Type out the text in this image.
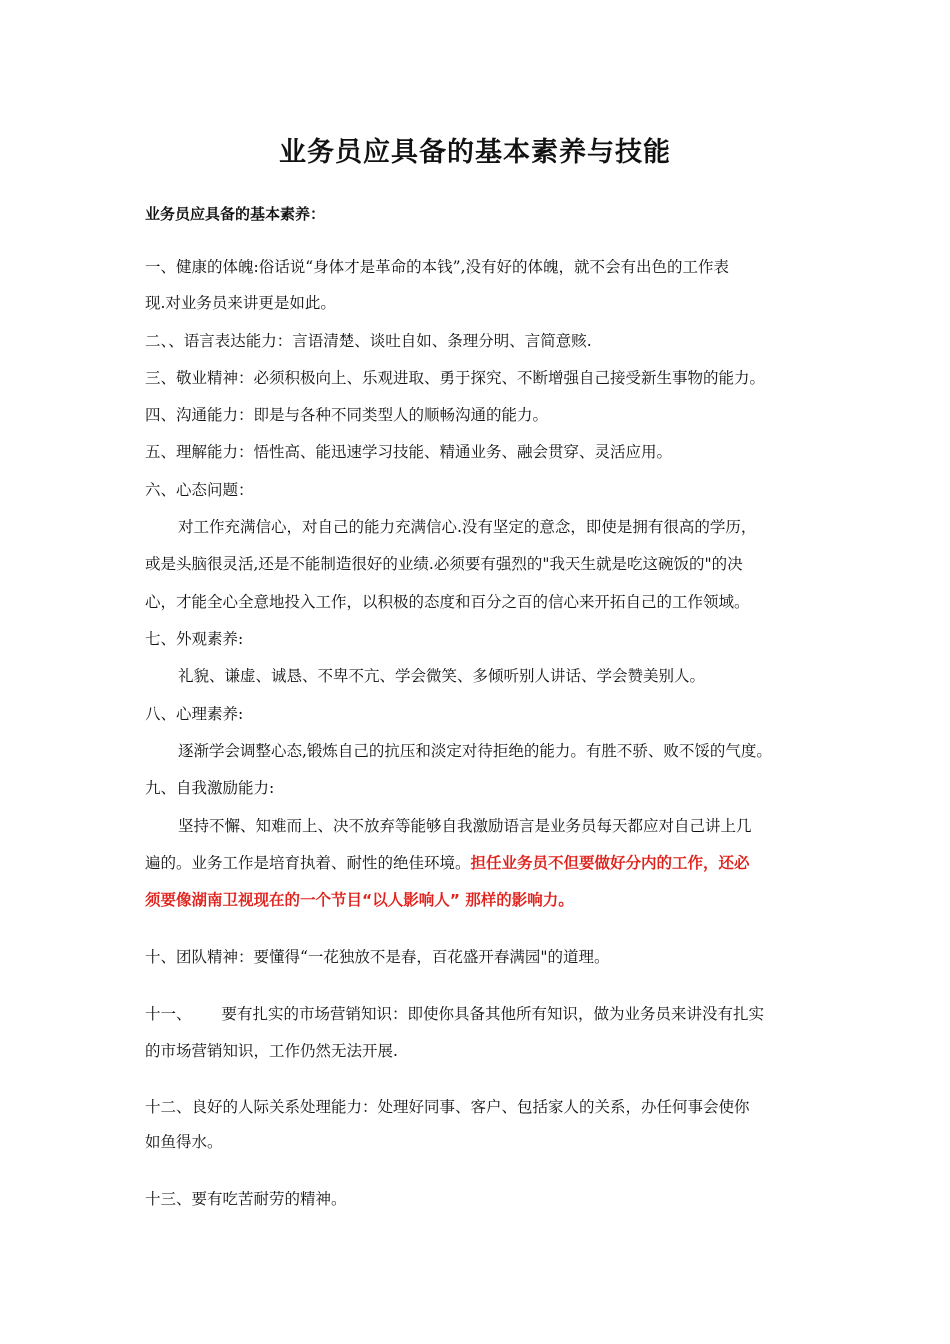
业务员应具备的基本素养与技能
业务员应具备的基本素养：
一、健康的体魄:俗话说“身体才是革命的本钱”,没有好的体魄，就不会有出色的工作表
现.对业务员来讲更是如此。
二、、语言表达能力：言语清楚、谈吐自如、条理分明、言简意赅.
三、敬业精神：必须积极向上、乐观进取、勇于探究、不断增强自己接受新生事物的能力。
四、沟通能力：即是与各种不同类型人的顺畅沟通的能力。
五、理解能力：悟性高、能迅速学习技能、精通业务、融会贯穿、灵活应用。
六、心态问题：
对工作充满信心，对自己的能力充满信心.没有坚定的意念，即使是拥有很高的学历，
或是头脑很灵活,还是不能制造很好的业绩.必须要有强烈的"我天生就是吃这碗饭的"的决
心，才能全心全意地投入工作，以积极的态度和百分之百的信心来开拓自己的工作领域。
七、外观素养:
礼貌、谦虚、诚恳、不卑不亢、学会微笑、多倾听别人讲话、学会赞美别人。
八、心理素养:
逐渐学会调整心态,锻炼自己的抗压和淡定对待拒绝的能力。有胜不骄、败不馁的气度。
九、自我激励能力:
坚持不懈、知难而上、决不放弃等能够自我激励语言是业务员每天都应对自己讲上几
遍的。业务工作是培育执着、耐性的绝佳环境。担任业务员不但要做好分内的工作，还必
须要像湖南卫视现在的一个节目“以人影响人” 那样的影响力。
十、团队精神：要懂得“一花独放不是春，百花盛开春满园"的道理。
十一、 要有扎实的市场营销知识：即使你具备其他所有知识，做为业务员来讲没有扎实
的市场营销知识，工作仍然无法开展.
十二、良好的人际关系处理能力：处理好同事、客户、包括家人的关系，办任何事会使你
如鱼得水。
十三、要有吃苦耐劳的精神。
